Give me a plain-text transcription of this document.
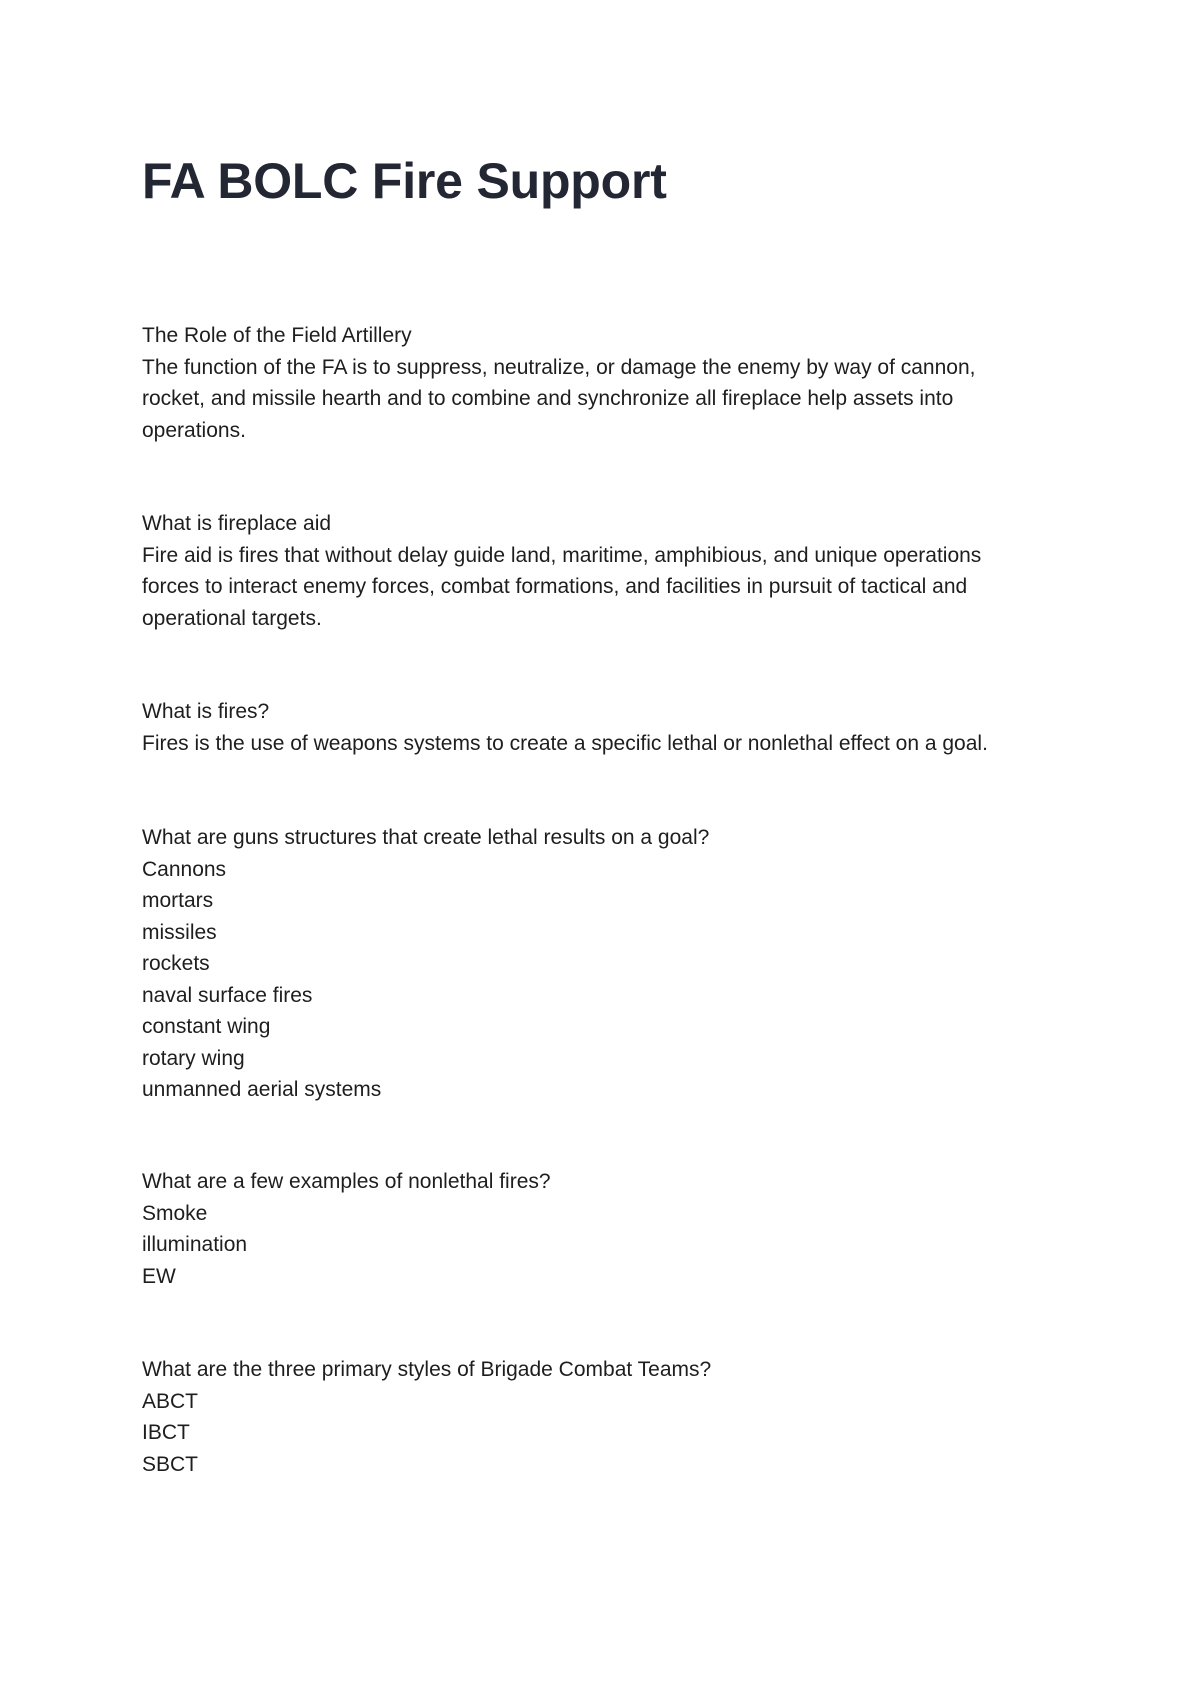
FA BOLC Fire Support
The Role of the Field Artillery
The function of the FA is to suppress, neutralize, or damage the enemy by way of cannon, rocket, and missile hearth and to combine and synchronize all fireplace help assets into operations.
What is fireplace aid
Fire aid is fires that without delay guide land, maritime, amphibious, and unique operations forces to interact enemy forces, combat formations, and facilities in pursuit of tactical and operational targets.
What is fires?
Fires is the use of weapons systems to create a specific lethal or nonlethal effect on a goal.
What are guns structures that create lethal results on a goal?
Cannons
mortars
missiles
rockets
naval surface fires
constant wing
rotary wing
unmanned aerial systems
What are a few examples of nonlethal fires?
Smoke
illumination
EW
What are the three primary styles of Brigade Combat Teams?
ABCT
IBCT
SBCT
